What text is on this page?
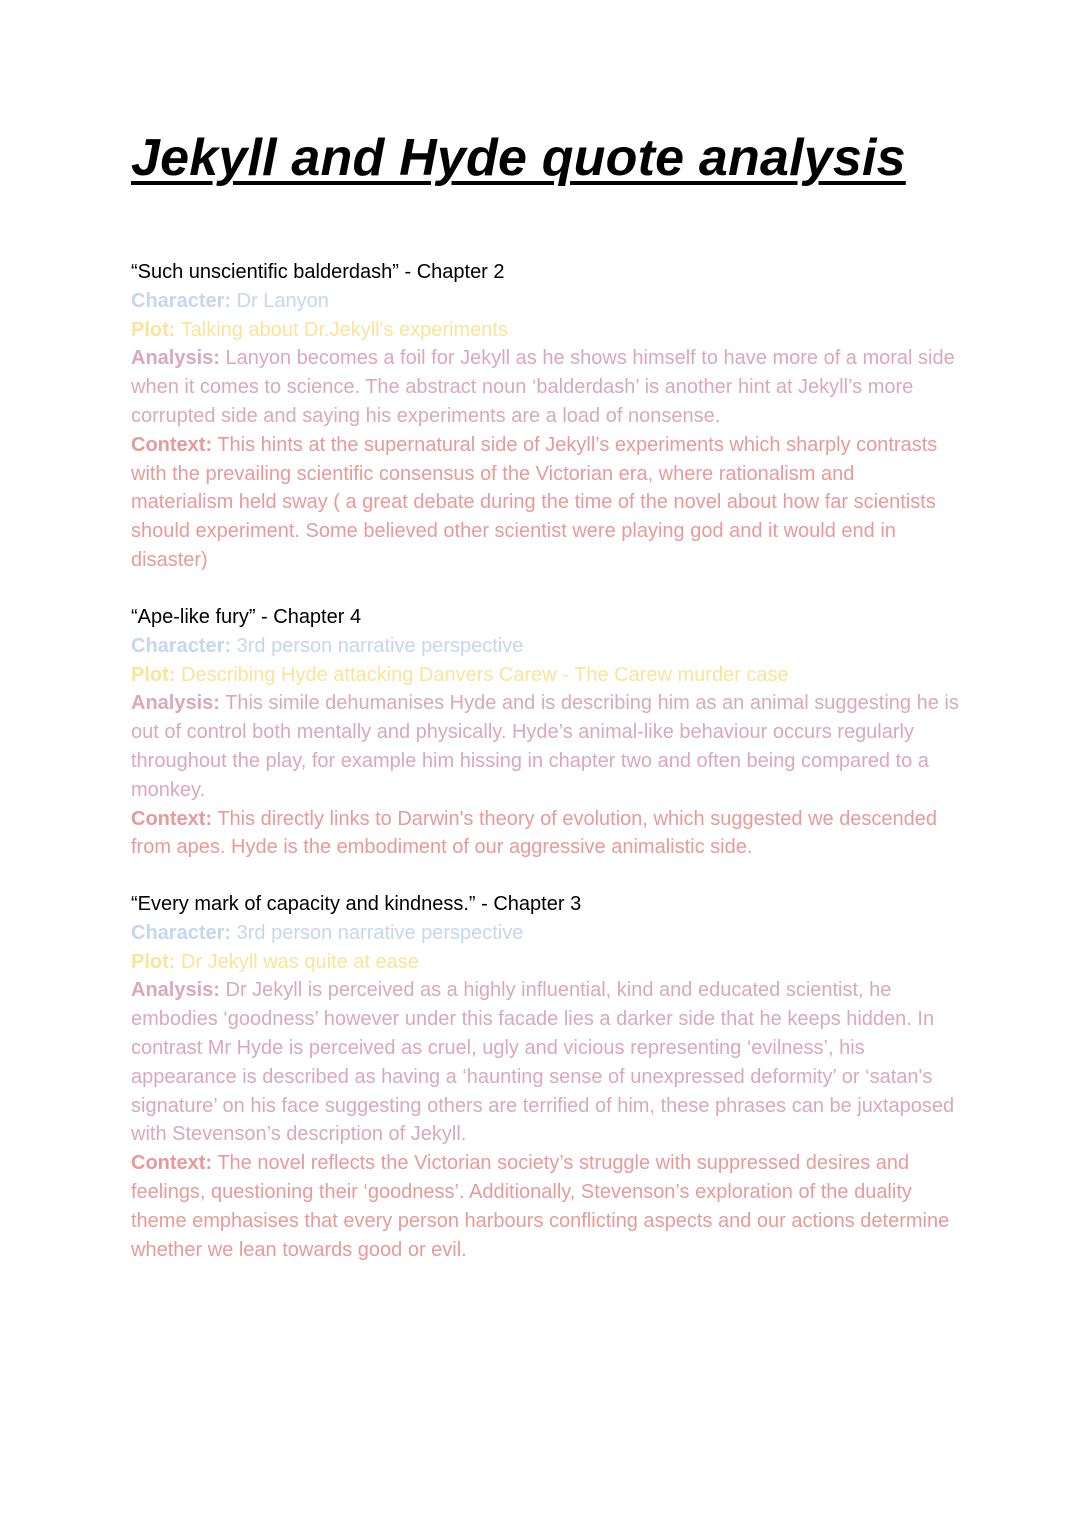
Jekyll and Hyde quote analysis

“Such unscientific balderdash” - Chapter 2

Character: Dr Lanyon

Plot: Talking about Dr.Jekyll's experiments

Analysis: Lanyon becomes a foil for Jekyll as he shows himself to have more of a moral side when it comes to science. The abstract noun ‘balderdash’ is another hint at Jekyll’s more corrupted side and saying his experiments are a load of nonsense.

Context: This hints at the supernatural side of Jekyll’s experiments which sharply contrasts with the prevailing scientific consensus of the Victorian era, where rationalism and materialism held sway ( a great debate during the time of the novel about how far scientists should experiment. Some believed other scientist were playing god and it would end in disaster)

“Ape-like fury” - Chapter 4

Character: 3rd person narrative perspective

Plot: Describing Hyde attacking Danvers Carew - The Carew murder case

Analysis: This simile dehumanises Hyde and is describing him as an animal suggesting he is out of control both mentally and physically. Hyde’s animal-like behaviour occurs regularly throughout the play, for example him hissing in chapter two and often being compared to a monkey.

Context: This directly links to Darwin's theory of evolution, which suggested we descended from apes. Hyde is the embodiment of our aggressive animalistic side.

“Every mark of capacity and kindness.” - Chapter 3

Character: 3rd person narrative perspective

Plot: Dr Jekyll was quite at ease

Analysis: Dr Jekyll is perceived as a highly influential, kind and educated scientist, he embodies ‘goodness’ however under this facade lies a darker side that he keeps hidden. In contrast Mr Hyde is perceived as cruel, ugly and vicious representing ‘evilness’, his appearance is described as having a ‘haunting sense of unexpressed deformity’ or ‘satan's signature’ on his face suggesting others are terrified of him, these phrases can be juxtaposed with Stevenson’s description of Jekyll.

Context: The novel reflects the Victorian society’s struggle with suppressed desires and feelings, questioning their ‘goodness’. Additionally, Stevenson’s exploration of the duality theme emphasises that every person harbours conflicting aspects and our actions determine whether we lean towards good or evil.
